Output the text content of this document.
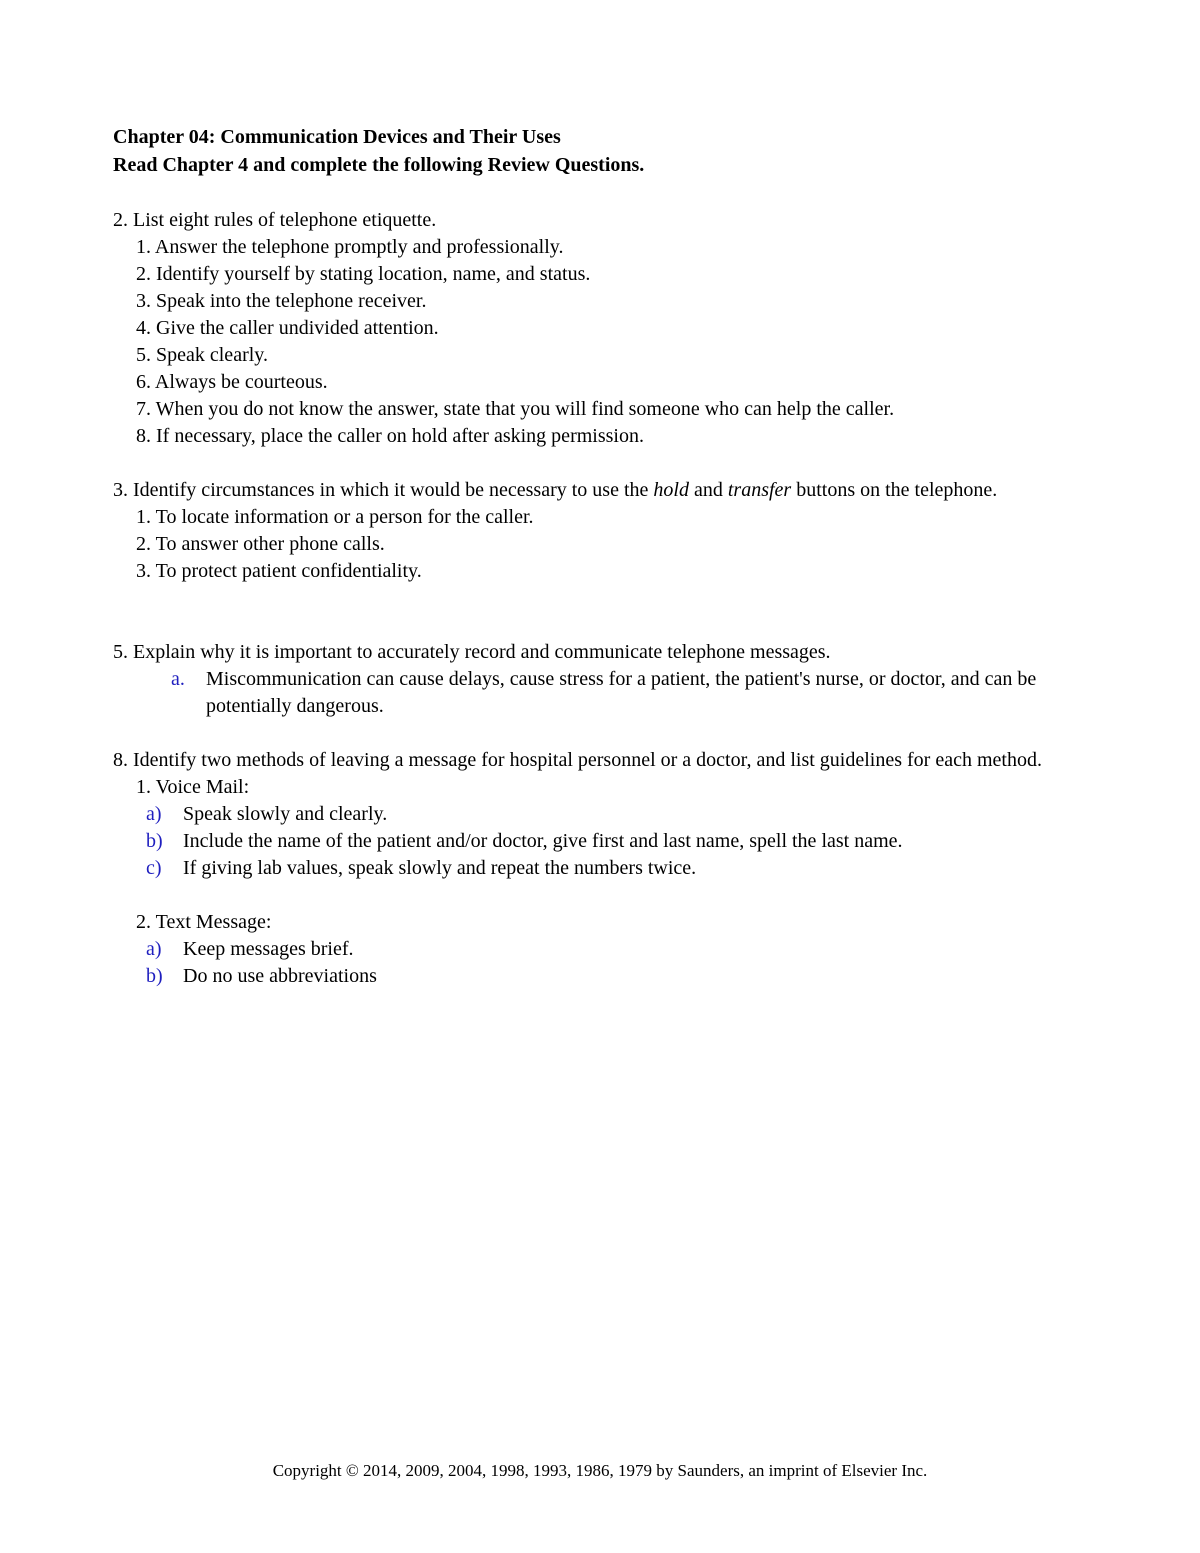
Chapter 04: Communication Devices and Their Uses

Read Chapter 4 and complete the following Review Questions.

2. List eight rules of telephone etiquette.

1. Answer the telephone promptly and professionally.
2. Identify yourself by stating location, name, and status.
3. Speak into the telephone receiver.
4. Give the caller undivided attention.
5. Speak clearly.
6. Always be courteous.
7. When you do not know the answer, state that you will find someone who can help the caller.
8. If necessary, place the caller on hold after asking permission.

3. Identify circumstances in which it would be necessary to use the hold and transfer buttons on the telephone.

1. To locate information or a person for the caller.
2. To answer other phone calls.
3. To protect patient confidentiality.

5. Explain why it is important to accurately record and communicate telephone messages.

a.	Miscommunication can cause delays, cause stress for a patient, the patient's nurse, or doctor, and can be potentially dangerous.

8. Identify two methods of leaving a message for hospital personnel or a doctor, and list guidelines for each method.

1. Voice Mail:

a)	Speak slowly and clearly.
b)	Include the name of the patient and/or doctor, give first and last name, spell the last name.
c)	If giving lab values, speak slowly and repeat the numbers twice.

2. Text Message:

a)	Keep messages brief.
b)	Do no use abbreviations
Copyright © 2014, 2009, 2004, 1998, 1993, 1986, 1979 by Saunders, an imprint of Elsevier Inc.
